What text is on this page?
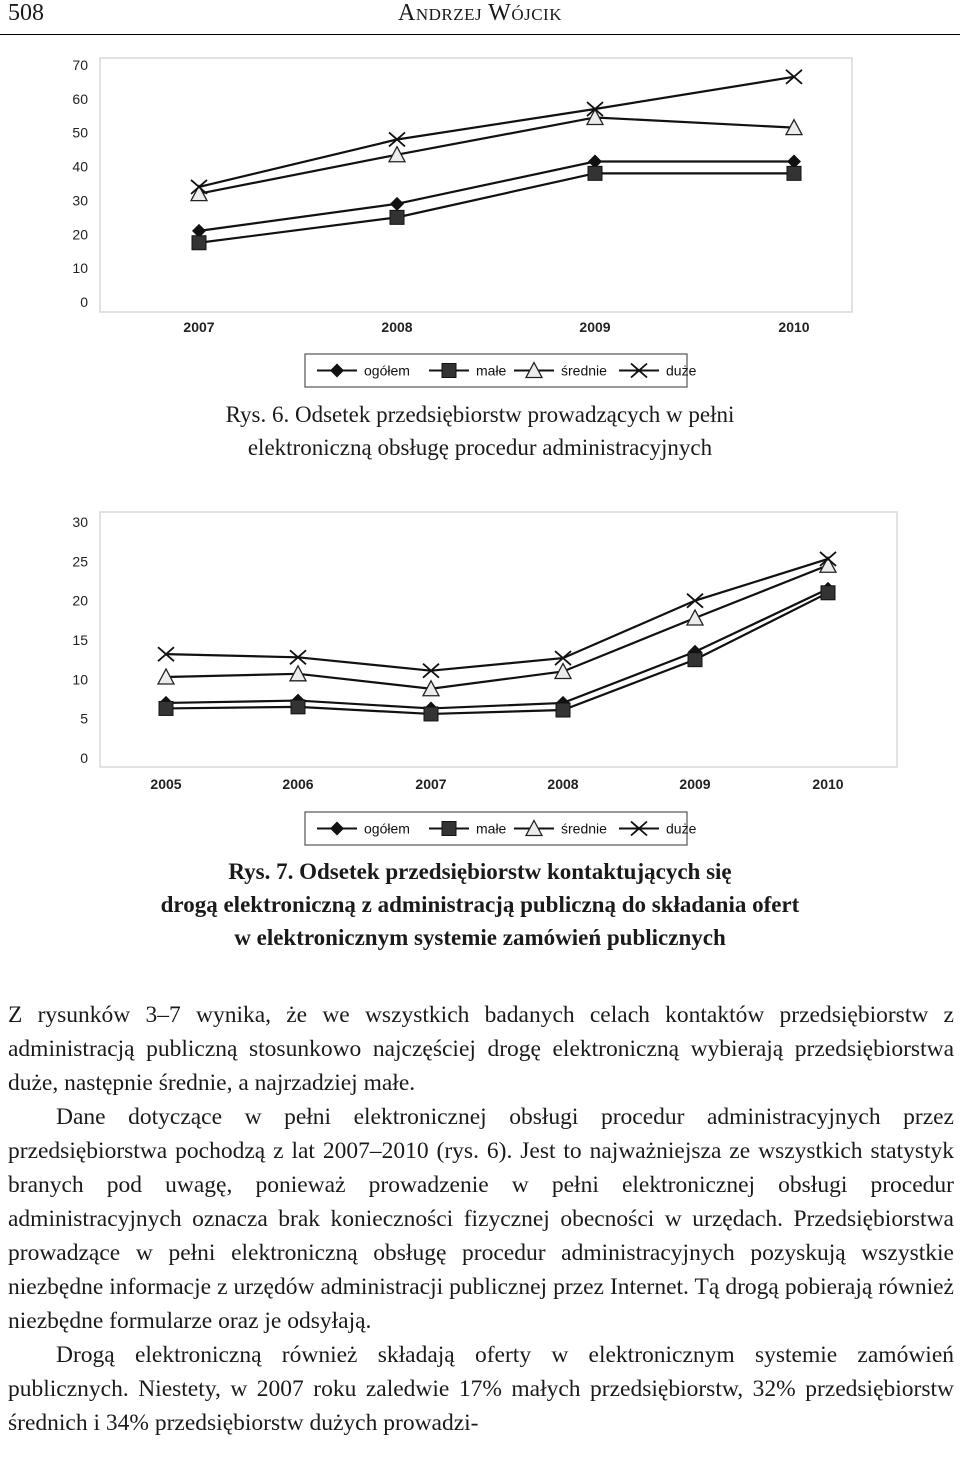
508	Andrzej Wójcik
0
10
20
30
40
50
60
70
2007	2008	2009	2010
ogółem	małe	średnie	duże
Rys. 6. Odsetek przedsiębiorstw prowadzących w pełni
elektroniczną obsługę procedur administracyjnych
0
5
10
15
20
25
30
2005	2006	2007	2008	2009	2010
ogółem	małe	średnie	duże
Rys. 7. Odsetek przedsiębiorstw kontaktujących się
drogą elektroniczną z administracją publiczną do składania ofert
w elektronicznym systemie zamówień publicznych

Z rysunków 3–7 wynika, że we wszystkich badanych celach kontaktów przedsiębiorstw z administracją publiczną stosunkowo najczęściej drogę elektroniczną wybierają przedsiębiorstwa duże, następnie średnie, a najrzadziej małe.

Dane dotyczące w pełni elektronicznej obsługi procedur administracyjnych przez przedsiębiorstwa pochodzą z lat 2007–2010 (rys. 6). Jest to najważniejsza ze wszystkich statystyk branych pod uwagę, ponieważ prowadzenie w pełni elektronicznej obsługi procedur administracyjnych oznacza brak konieczności fizycznej obecności w urzędach. Przedsiębiorstwa prowadzące w pełni elektroniczną obsługę procedur administracyjnych pozyskują wszystkie niezbędne informacje z urzędów administracji publicznej przez Internet. Tą drogą pobierają również niezbędne formularze oraz je odsyłają.

Drogą elektroniczną również składają oferty w elektronicznym systemie zamówień publicznych. Niestety, w 2007 roku zaledwie 17% małych przedsiębiorstw, 32% przedsiębiorstw średnich i 34% przedsiębiorstw dużych prowadzi-
